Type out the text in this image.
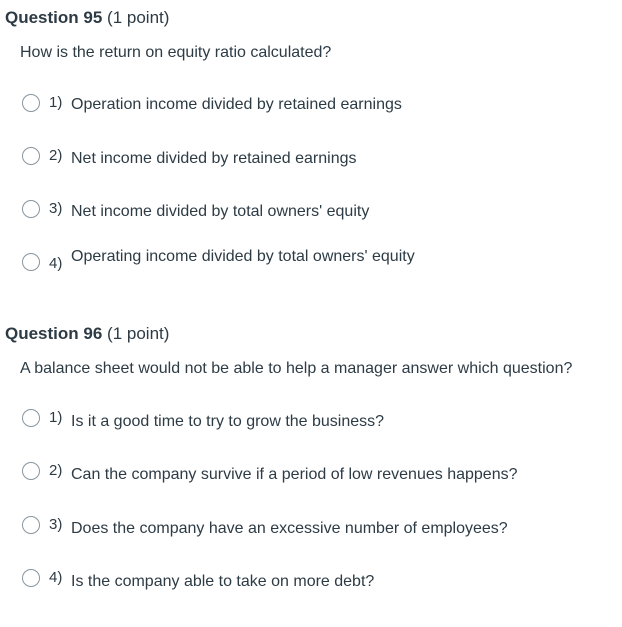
Question 95 (1 point)
How is the return on equity ratio calculated?
1) Operation income divided by retained earnings
2) Net income divided by retained earnings
3) Net income divided by total owners' equity
4) Operating income divided by total owners' equity
Question 96 (1 point)
A balance sheet would not be able to help a manager answer which question?
1) Is it a good time to try to grow the business?
2) Can the company survive if a period of low revenues happens?
3) Does the company have an excessive number of employees?
4) Is the company able to take on more debt?
